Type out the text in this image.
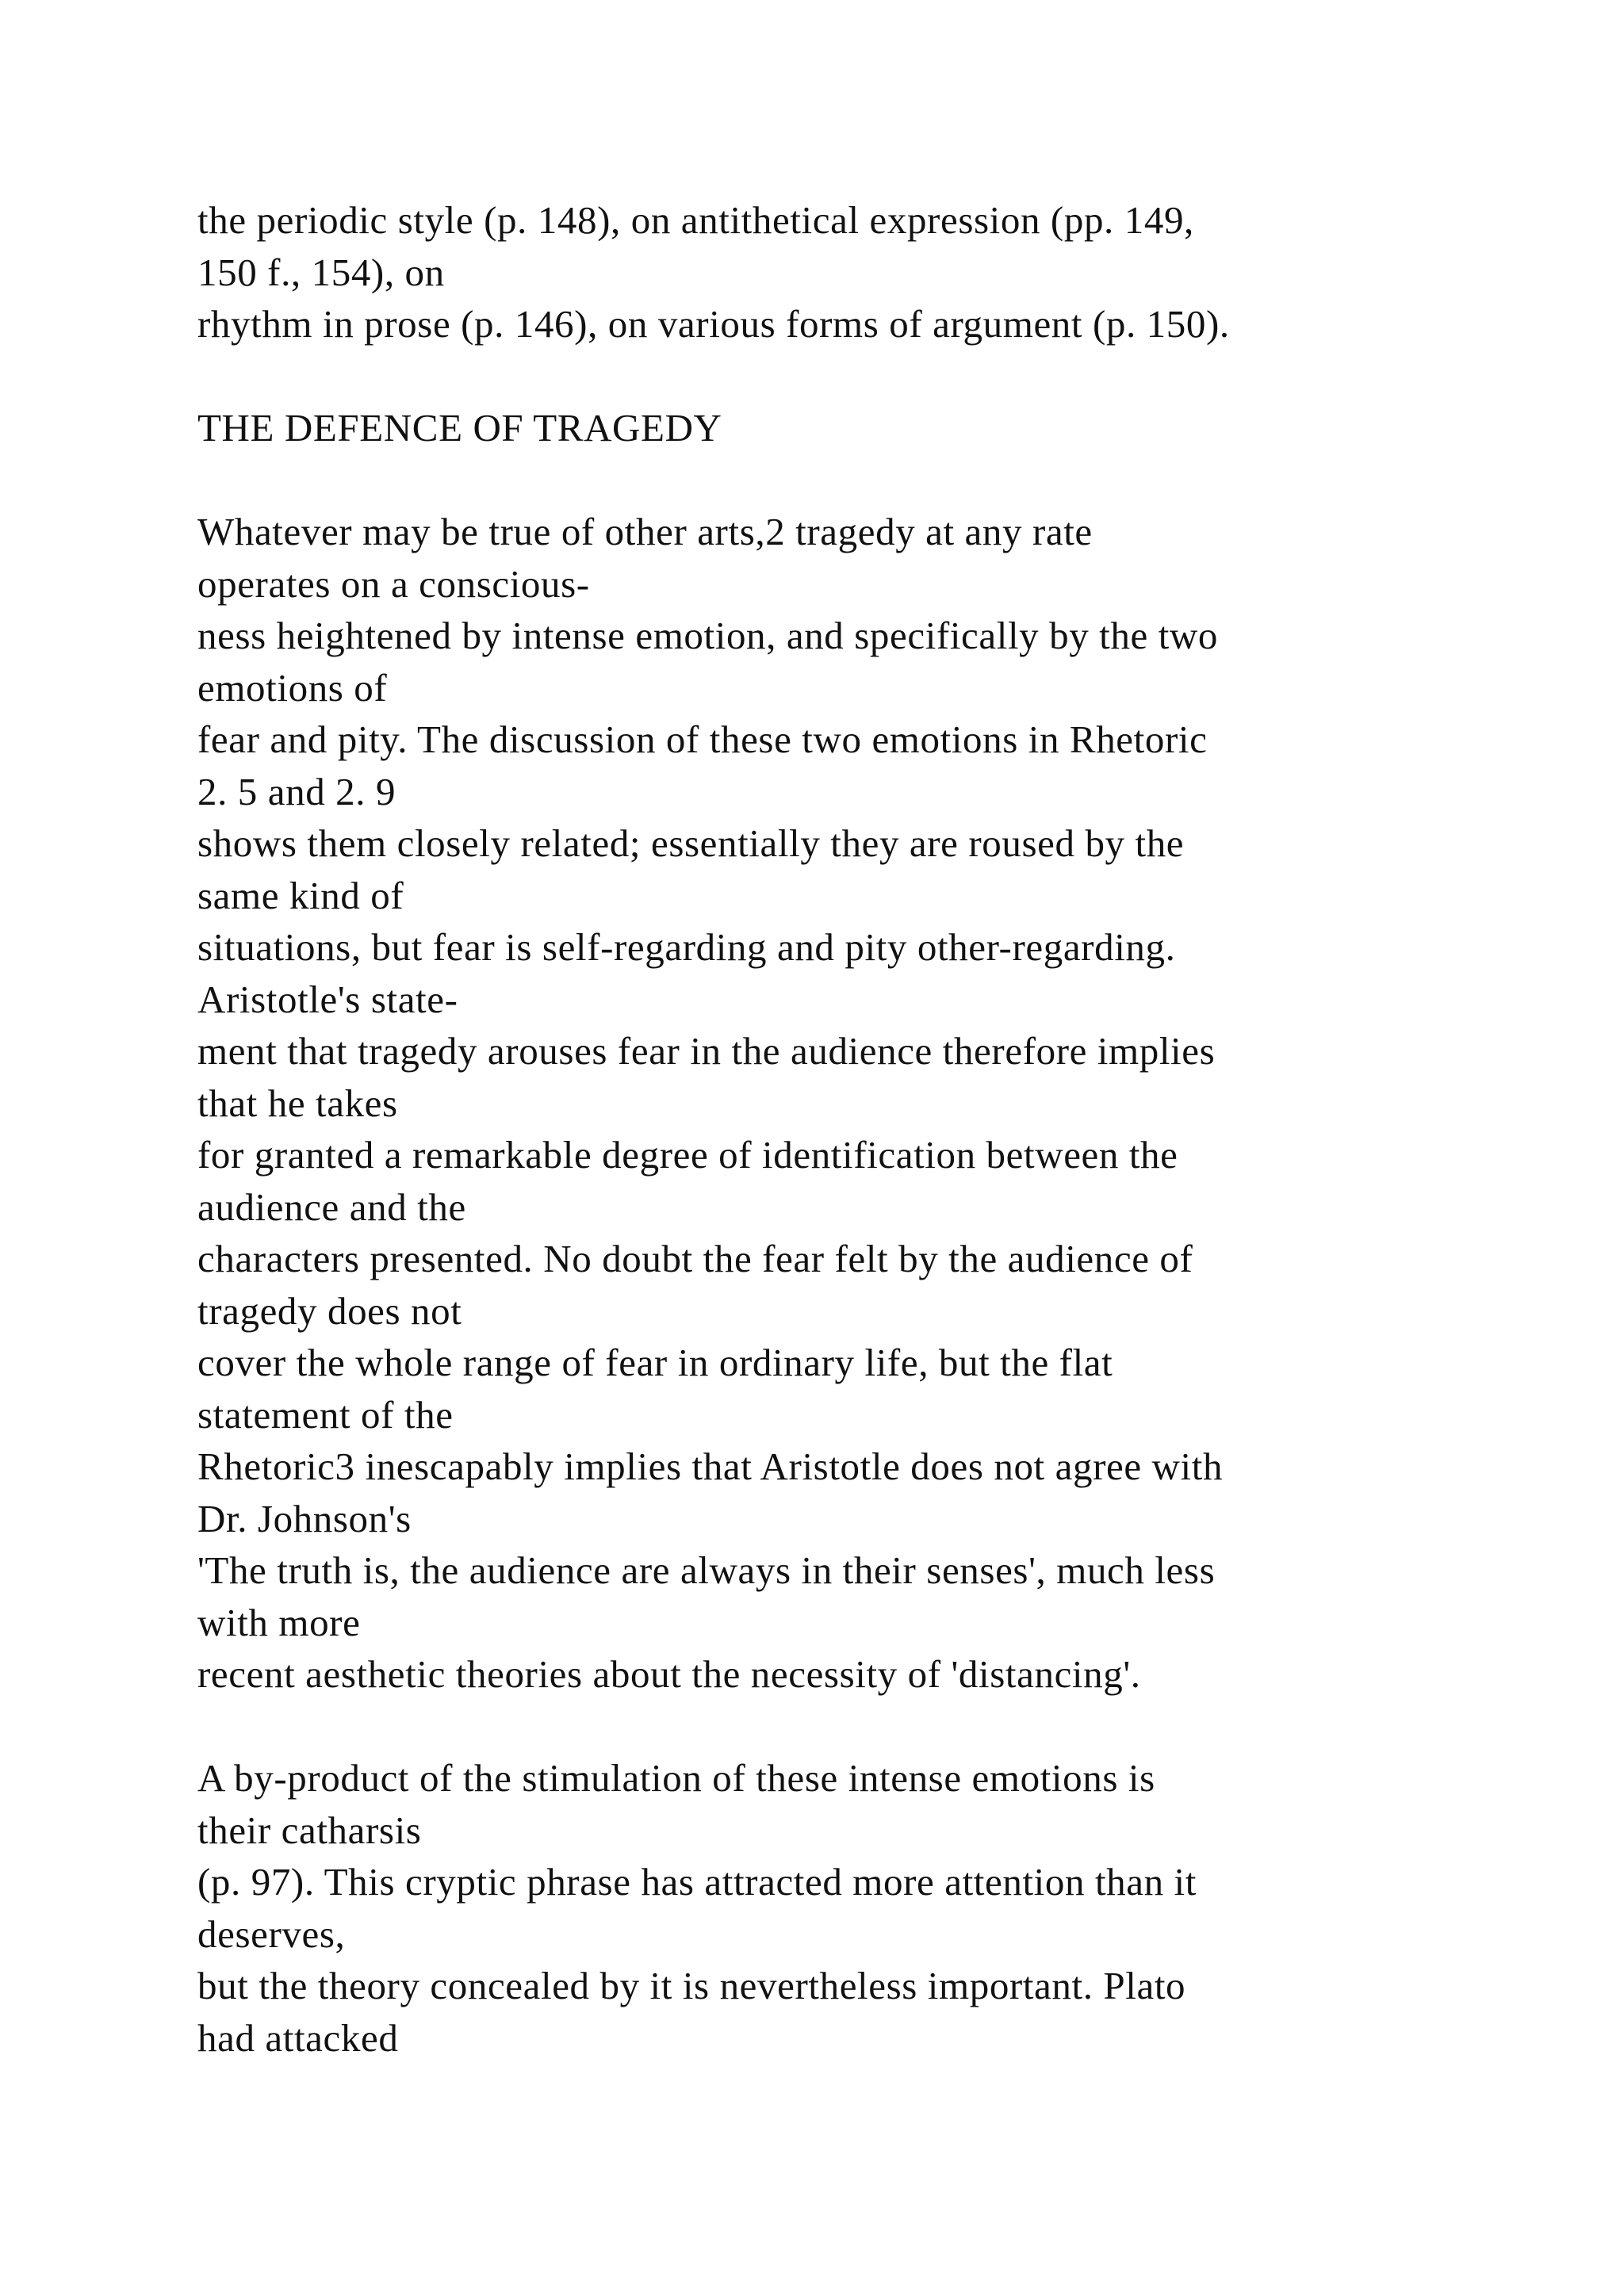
the periodic style (p. 148), on antithetical expression (pp. 149,
150 f., 154), on
rhythm in prose (p. 146), on various forms of argument (p. 150).
THE DEFENCE OF TRAGEDY
Whatever may be true of other arts,2 tragedy at any rate
operates on a conscious-
ness heightened by intense emotion, and specifically by the two
emotions of
fear and pity. The discussion of these two emotions in Rhetoric
2. 5 and 2. 9
shows them closely related; essentially they are roused by the
same kind of
situations, but fear is self-regarding and pity other-regarding.
Aristotle's state-
ment that tragedy arouses fear in the audience therefore implies
that he takes
for granted a remarkable degree of identification between the
audience and the
characters presented. No doubt the fear felt by the audience of
tragedy does not
cover the whole range of fear in ordinary life, but the flat
statement of the
Rhetoric3 inescapably implies that Aristotle does not agree with
Dr. Johnson's
'The truth is, the audience are always in their senses', much less
with more
recent aesthetic theories about the necessity of 'distancing'.
A by-product of the stimulation of these intense emotions is
their catharsis
(p. 97). This cryptic phrase has attracted more attention than it
deserves,
but the theory concealed by it is nevertheless important. Plato
had attacked
